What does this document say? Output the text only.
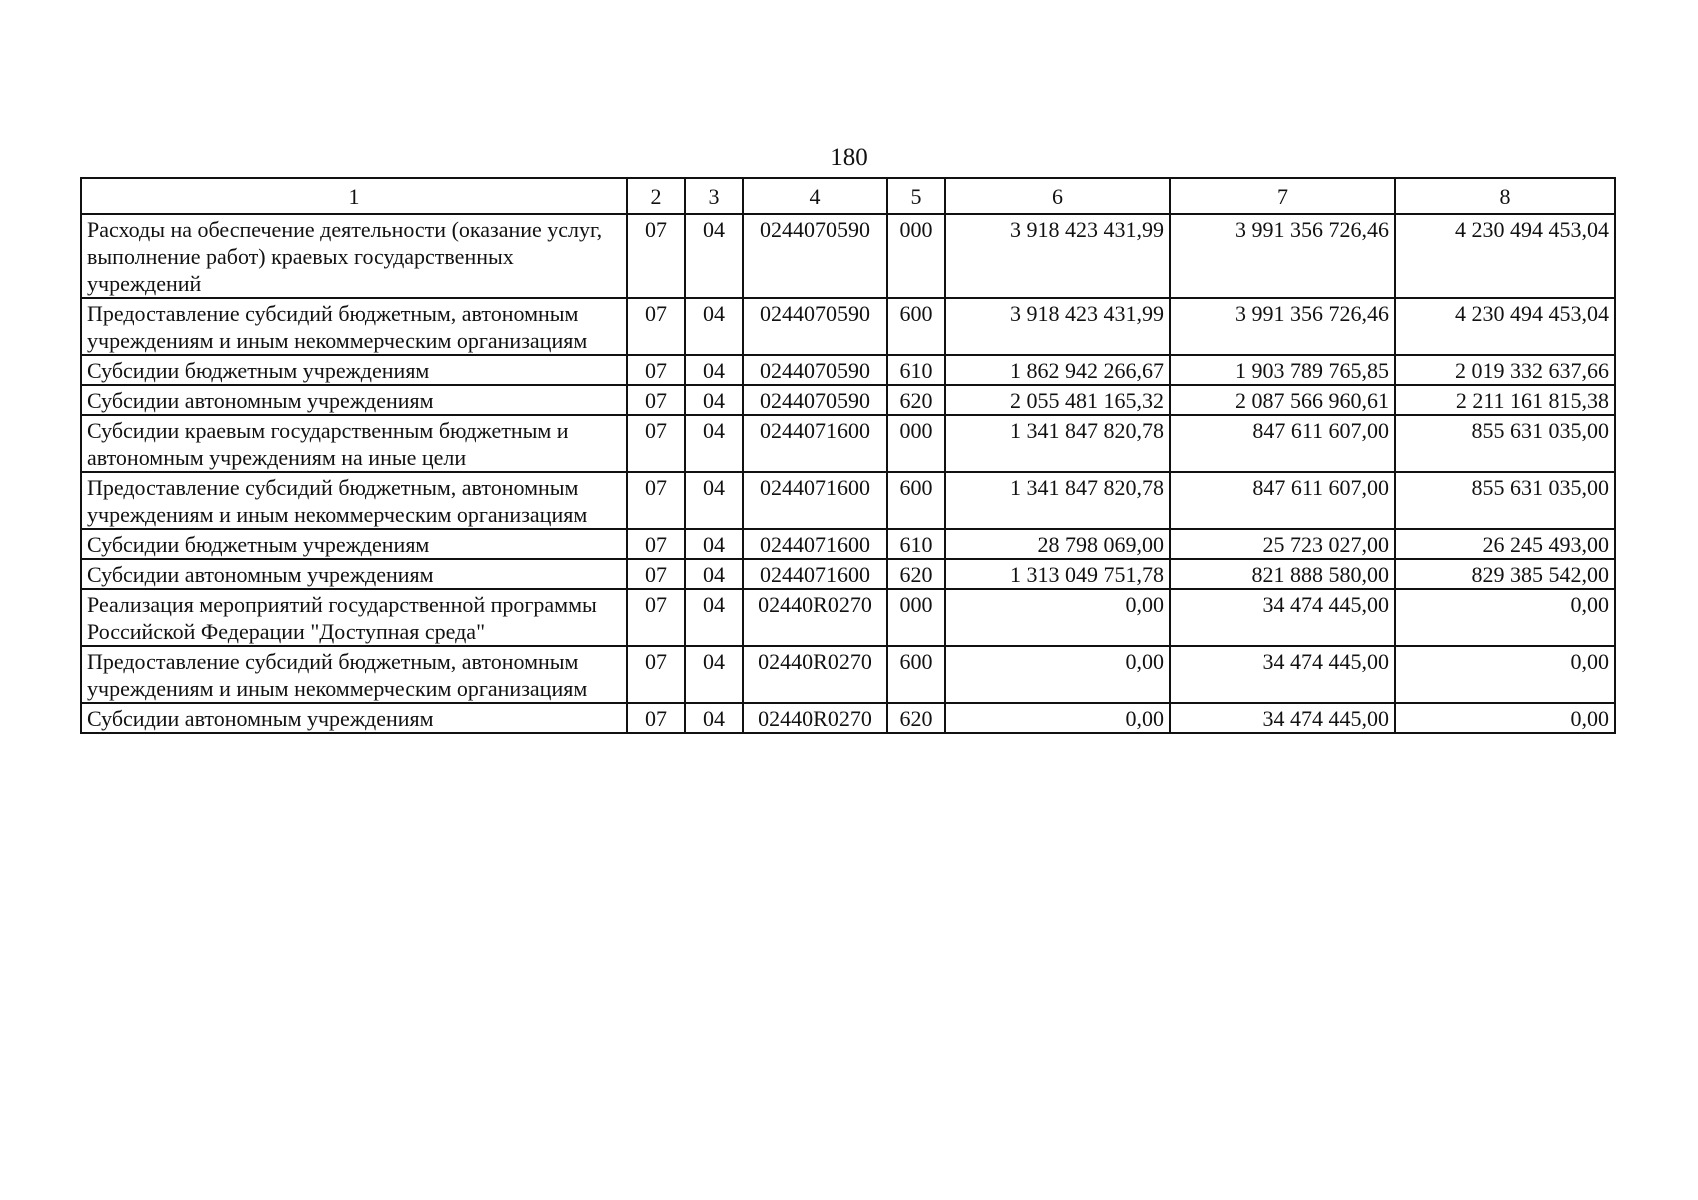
180
1	2	3	4	5	6	7	8
Расходы на обеспечение деятельности (оказание услуг, выполнение работ) краевых государственных учреждений	07	04	0244070590	000	3 918 423 431,99	3 991 356 726,46	4 230 494 453,04
Предоставление субсидий бюджетным, автономным учреждениям и иным некоммерческим организациям	07	04	0244070590	600	3 918 423 431,99	3 991 356 726,46	4 230 494 453,04
Субсидии бюджетным учреждениям	07	04	0244070590	610	1 862 942 266,67	1 903 789 765,85	2 019 332 637,66
Субсидии автономным учреждениям	07	04	0244070590	620	2 055 481 165,32	2 087 566 960,61	2 211 161 815,38
Субсидии краевым государственным бюджетным и автономным учреждениям на иные цели	07	04	0244071600	000	1 341 847 820,78	847 611 607,00	855 631 035,00
Предоставление субсидий бюджетным, автономным учреждениям и иным некоммерческим организациям	07	04	0244071600	600	1 341 847 820,78	847 611 607,00	855 631 035,00
Субсидии бюджетным учреждениям	07	04	0244071600	610	28 798 069,00	25 723 027,00	26 245 493,00
Субсидии автономным учреждениям	07	04	0244071600	620	1 313 049 751,78	821 888 580,00	829 385 542,00
Реализация мероприятий государственной программы Российской Федерации "Доступная среда"	07	04	02440R0270	000	0,00	34 474 445,00	0,00
Предоставление субсидий бюджетным, автономным учреждениям и иным некоммерческим организациям	07	04	02440R0270	600	0,00	34 474 445,00	0,00
Субсидии автономным учреждениям	07	04	02440R0270	620	0,00	34 474 445,00	0,00
